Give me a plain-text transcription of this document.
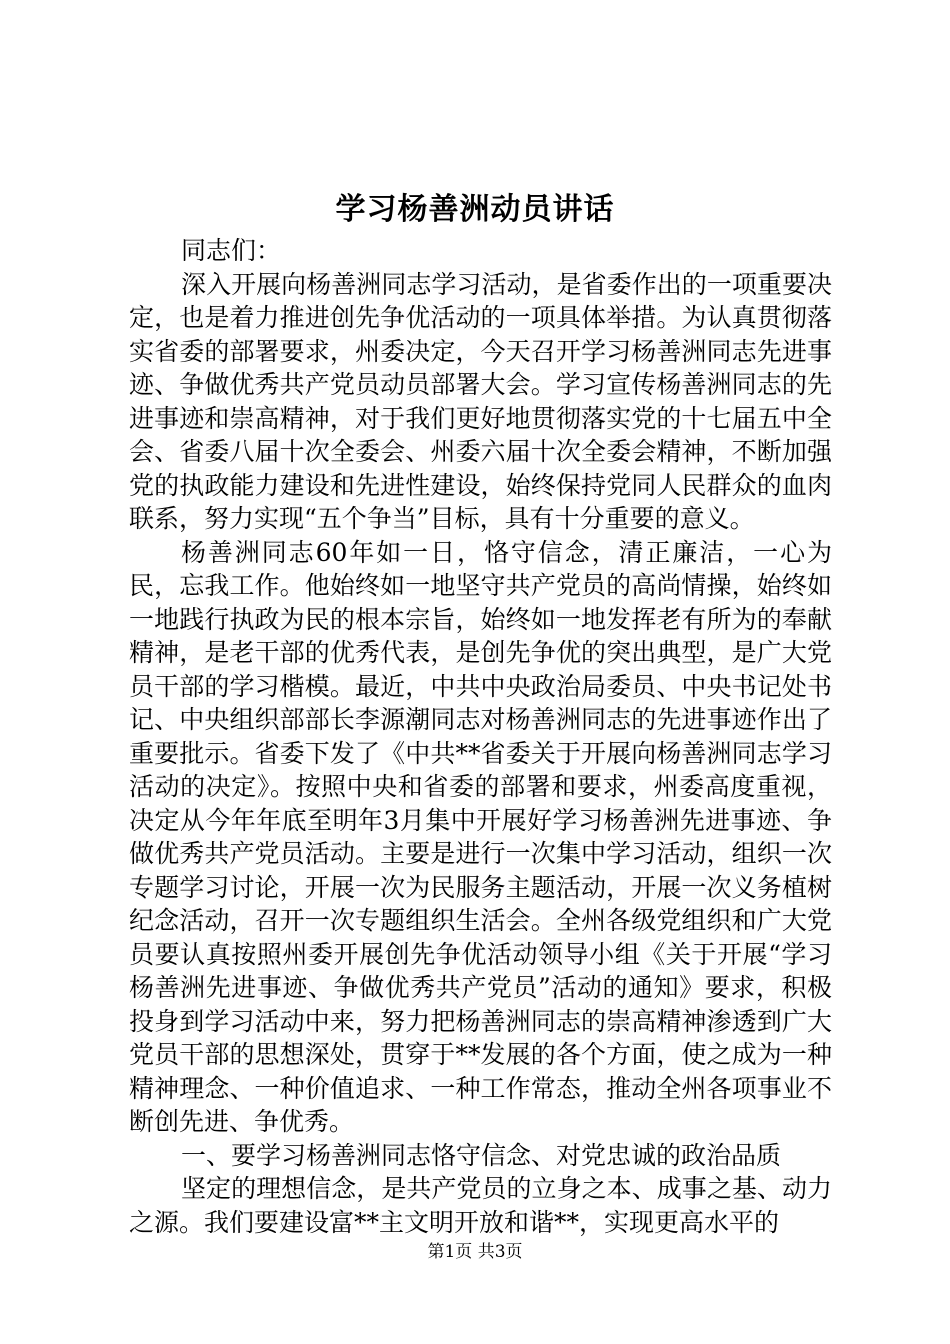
学习杨善洲动员讲话

同志们：

深入开展向杨善洲同志学习活动，是省委作出的一项重要决定，也是着力推进创先争优活动的一项具体举措。为认真贯彻落实省委的部署要求，州委决定，今天召开学习杨善洲同志先进事迹、争做优秀共产党员动员部署大会。学习宣传杨善洲同志的先进事迹和崇高精神，对于我们更好地贯彻落实党的十七届五中全会、省委八届十次全委会、州委六届十次全委会精神，不断加强党的执政能力建设和先进性建设，始终保持党同人民群众的血肉联系，努力实现“五个争当”目标，具有十分重要的意义。

杨善洲同志60年如一日，恪守信念，清正廉洁，一心为民，忘我工作。他始终如一地坚守共产党员的高尚情操，始终如一地践行执政为民的根本宗旨，始终如一地发挥老有所为的奉献精神，是老干部的优秀代表，是创先争优的突出典型，是广大党员干部的学习楷模。最近，中共中央政治局委员、中央书记处书记、中央组织部部长李源潮同志对杨善洲同志的先进事迹作出了重要批示。省委下发了《中共**省委关于开展向杨善洲同志学习活动的决定》。按照中央和省委的部署和要求，州委高度重视，决定从今年年底至明年3月集中开展好学习杨善洲先进事迹、争做优秀共产党员活动。主要是进行一次集中学习活动，组织一次专题学习讨论，开展一次为民服务主题活动，开展一次义务植树纪念活动，召开一次专题组织生活会。全州各级党组织和广大党员要认真按照州委开展创先争优活动领导小组《关于开展“学习杨善洲先进事迹、争做优秀共产党员”活动的通知》要求，积极投身到学习活动中来，努力把杨善洲同志的崇高精神渗透到广大党员干部的思想深处，贯穿于**发展的各个方面，使之成为一种精神理念、一种价值追求、一种工作常态，推动全州各项事业不断创先进、争优秀。

一、要学习杨善洲同志恪守信念、对党忠诚的政治品质

坚定的理想信念，是共产党员的立身之本、成事之基、动力之源。我们要建设富**主文明开放和谐**，实现更高水平的

第1页 共3页
